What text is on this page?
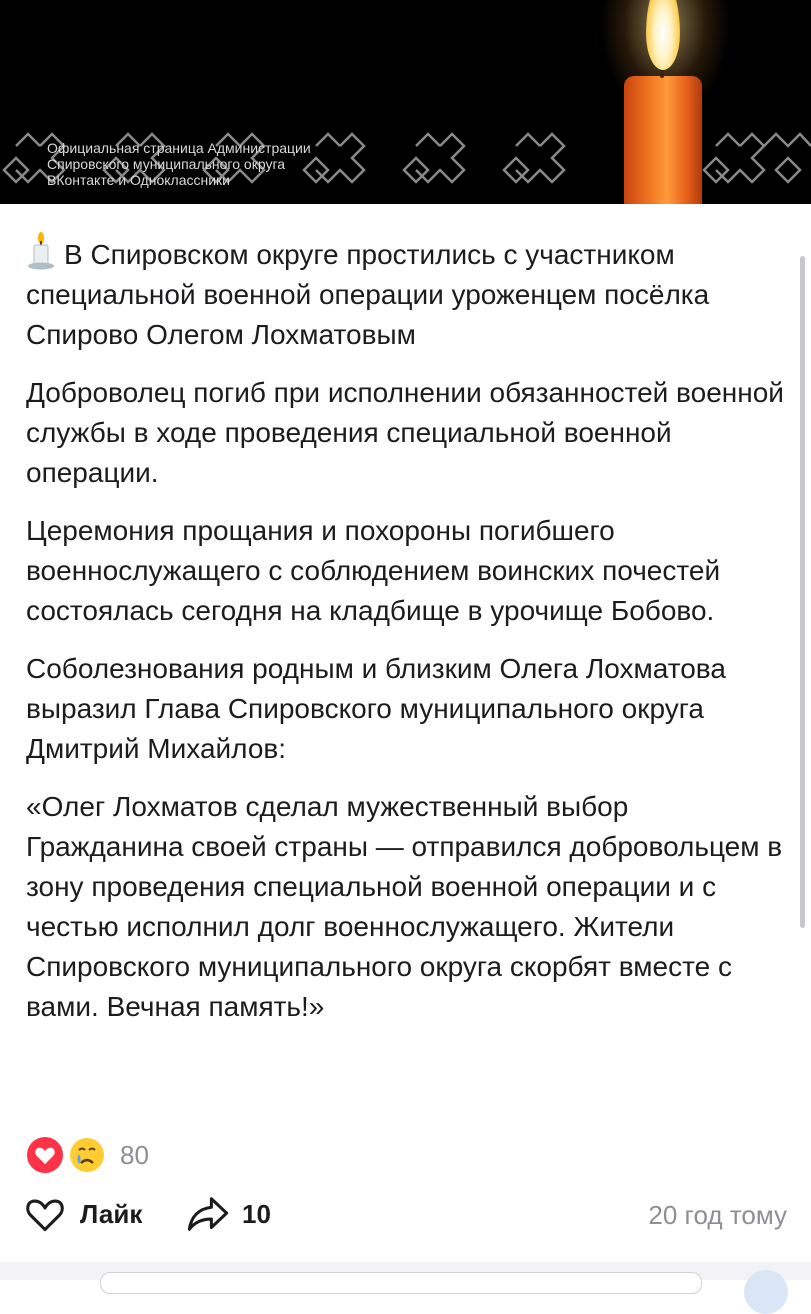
Официальная страница Администрации
Спировского муниципального округа
ВКонтакте и Одноклассники

В Спировском округе простились с участником специальной военной операции уроженцем посёлка Спирово Олегом Лохматовым

Доброволец погиб при исполнении обязанностей военной службы в ходе проведения специальной военной операции.

Церемония прощания и похороны погибшего военнослужащего с соблюдением воинских почестей состоялась сегодня на кладбище в урочище Бобово.

Соболезнования родным и близким Олега Лохматова выразил Глава Спировского муниципального округа Дмитрий Михайлов:

«Олег Лохматов сделал мужественный выбор Гражданина своей страны — отправился добровольцем в зону проведения специальной военной операции и с честью исполнил долг военнослужащего. Жители Спировского муниципального округа скорбят вместе с вами. Вечная память!»

80
Лайк	10	20 год тому
